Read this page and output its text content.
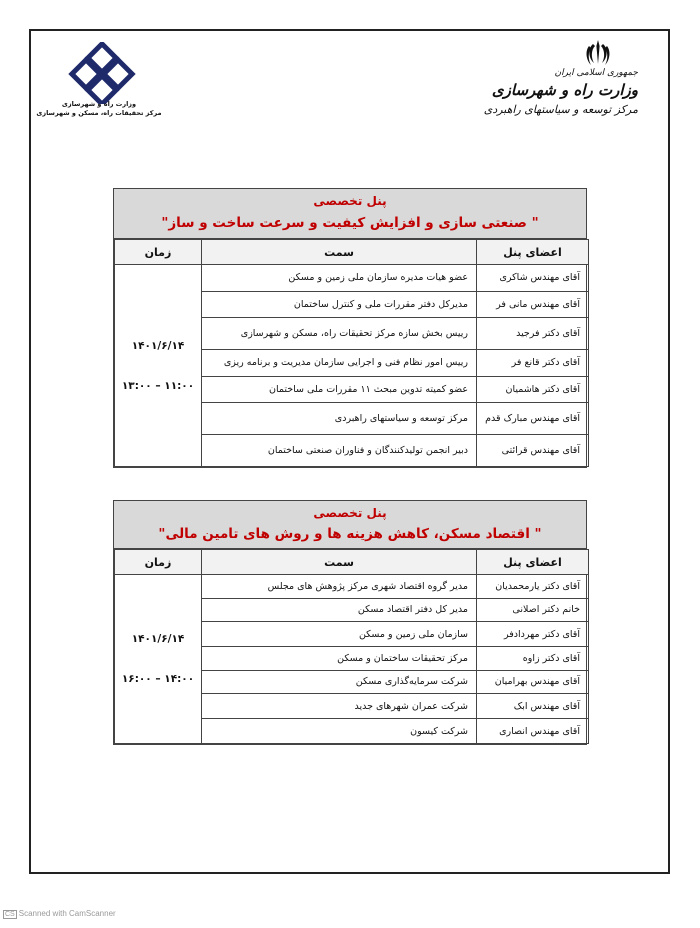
وزارت راه و شهرسازی
مرکز تحقیقات راه، مسکن و شهرسازی
جمهوری اسلامی ایران
وزارت راه و شهرسازی
مرکز توسعه و سیاستهای راهبردی
پنل تخصصی
" صنعتی سازی و افزایش کیفیت و سرعت ساخت و ساز"
اعضای پنل	سمت	زمان
آقای مهندس شاکری	عضو هیات مدیره سازمان ملی زمین و مسکن	۱۴۰۱/۶/۱۴
۱۱:۰۰ – ۱۳:۰۰

آقای مهندس مانی فر	مدیرکل دفتر مقررات ملی و کنترل ساختمان	
آقای دکتر فرجید	رییس بخش سازه مرکز تحقیقات راه، مسکن و شهرسازی	
آقای دکتر قانع فر	رییس امور نظام فنی و اجرایی سازمان مدیریت و برنامه ریزی	
آقای دکتر هاشمیان	عضو کمیته تدوین مبحث ۱۱ مقررات ملی ساختمان	
آقای مهندس مبارک قدم	مرکز توسعه و سیاستهای راهبردی	
آقای مهندس قرائتی	دبیر انجمن تولیدکنندگان و فناوران صنعتی ساختمان	
پنل تخصصی
" اقتصاد مسکن، کاهش هزینه ها و روش های تامین مالی"
اعضای پنل	سمت	زمان
آقای دکتر یارمحمدیان	مدیر گروه اقتصاد شهری مرکز پژوهش های مجلس	۱۴۰۱/۶/۱۴
۱۴:۰۰ – ۱۶:۰۰

خانم دکتر اصلانی	مدیر کل دفتر اقتصاد مسکن	
آقای دکتر مهردادفر	سازمان ملی زمین و مسکن	
آقای دکتر زاوه	مرکز تحقیقات ساختمان و مسکن	
آقای مهندس بهرامیان	شرکت سرمایه‌گذاری مسکن	
آقای مهندس ابک	شرکت عمران شهرهای جدید	
آقای مهندس انصاری	شرکت کیسون	
CS Scanned with CamScanner
